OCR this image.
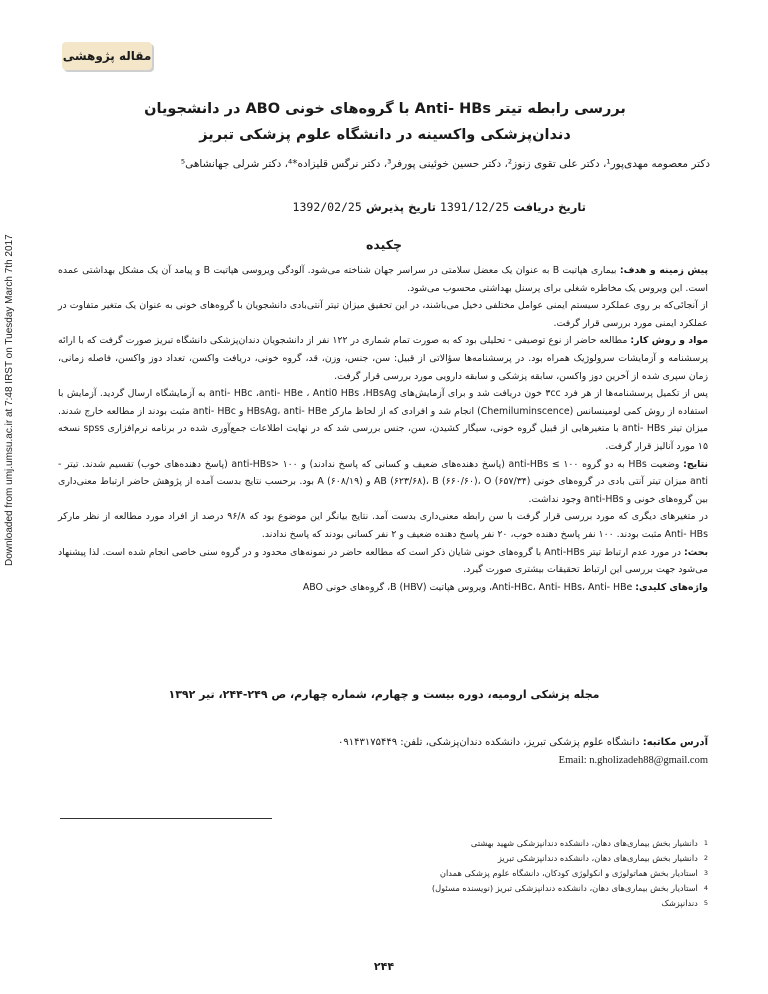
Downloaded from umj.umsu.ac.ir at 7:48 IRST on Tuesday March 7th 2017
مقاله پژوهشی
بررسی رابطه تیتر Anti- HBs با گروه‌های خونی ABO در دانشجویان
دندان‌پزشکی واکسینه در دانشگاه علوم پزشکی تبریز
دکتر معصومه مهدی‌پور¹، دکتر علی تقوی زنوز²، دکتر حسین خوئینی پورفر³، دکتر نرگس قلیزاده*⁴، دکتر شرلی جهانشاهی⁵
تاریخ دریافت 1391/12/25 تاریخ پذیرش 1392/02/25
چکیده

پیش زمینه و هدف: بیماری هپاتیت B به عنوان یک معضل سلامتی در سراسر جهان شناخته می‌شود. آلودگی ویروسی هپاتیت B و پیامد آن یک مشکل بهداشتی عمده است. این ویروس یک مخاطره شغلی برای پرسنل بهداشتی محسوب می‌شود.

از آنجائی‌که بر روی عملکرد سیستم ایمنی عوامل مختلفی دخیل می‌باشند، در این تحقیق میزان تیتر آنتی‌بادی دانشجویان با گروه‌های خونی به عنوان یک متغیر متفاوت در عملکرد ایمنی مورد بررسی قرار گرفت.

مواد و روش کار: مطالعه حاضر از نوع توصیفی - تحلیلی بود که به صورت تمام شماری در ۱۲۲ نفر از دانشجویان دندان‌پزشکی دانشگاه تبریز صورت گرفت که با ارائه پرسشنامه و آزمایشات سرولوژیک همراه بود. در پرسشنامه‌ها سؤالاتی از قبیل: سن، جنس، وزن، قد، گروه خونی، دریافت واکسن، تعداد دوز واکسن، فاصله زمانی، زمان سپری شده از آخرین دوز واکسن، سابقه پزشکی و سابقه دارویی مورد بررسی قرار گرفت.

پس از تکمیل پرسشنامه‌ها از هر فرد ۳cc خون دریافت شد و برای آزمایش‌های anti- HBc ،anti- HBe ، Anti0 HBs ،HBsAg به آزمایشگاه ارسال گردید. آزمایش با استفاده از روش کمی لومینسانس (Chemiluminscence) انجام شد و افرادی که از لحاظ مارکر HBsAg، anti- HBe و anti- HBc مثبت بودند از مطالعه خارج شدند. میزان تیتر anti- HBs با متغیرهایی از قبیل گروه خونی، سیگار کشیدن، سن، جنس بررسی شد که در نهایت اطلاعات جمع‌آوری شده در برنامه نرم‌افزاری spss نسخه ۱۵ مورد آنالیز قرار گرفت.

نتایج: وضعیت HBs به دو گروه anti-HBs ≤ ۱۰۰ (پاسخ دهنده‌های ضعیف و کسانی که پاسخ ندادند) و anti-HBs> ۱۰۰ (پاسخ دهنده‌های خوب) تقسیم شدند. تیتر -anti میزان تیتر آنتی بادی در گروه‌های خونی AB (۶۲۳/۶۸)، B (۶۶۰/۶۰)، O (۶۵۷/۳۴) و A (۶۰۸/۱۹) بود. برحسب نتایج بدست آمده از پژوهش حاضر ارتباط معنی‌داری بین گروه‌های خونی و anti-HBs وجود نداشت.

در متغیرهای دیگری که مورد بررسی قرار گرفت با سن رابطه معنی‌داری بدست آمد. نتایج بیانگر این موضوع بود که ۹۶/۸ درصد از افراد مورد مطالعه از نظر مارکر Anti- HBs مثبت بودند. ۱۰۰ نفر پاسخ دهنده خوب، ۲۰ نفر پاسخ دهنده ضعیف و ۲ نفر کسانی بودند که پاسخ ندادند.

بحث: در مورد عدم ارتباط تیتر Anti-HBs با گروه‌های خونی شایان ذکر است که مطالعه حاضر در نمونه‌های محدود و در گروه سنی خاصی انجام شده است. لذا پیشنهاد می‌شود جهت بررسی این ارتباط تحقیقات بیشتری صورت گیرد.

واژه‌های کلیدی: Anti-HBc، Anti- HBs، Anti- HBe، ویروس هپاتیت B (HBV)، گروه‌های خونی ABO

مجله پزشکی ارومیه، دوره بیست و چهارم، شماره چهارم، ص ۲۴۹-۲۴۴، تیر ۱۳۹۲
آدرس مکاتبه: دانشگاه علوم پزشکی تبریز، دانشکده دندان‌پزشکی، تلفن: ۰۹۱۴۳۱۷۵۴۴۹
Email: n.gholizadeh88@gmail.com
1
دانشیار بخش بیماری‌های دهان، دانشکده دندانپزشکی شهید بهشتی
2
دانشیار بخش بیماری‌های دهان، دانشکده دندانپزشکی تبریز
3
استادیار بخش هماتولوژی و انکولوژی کودکان، دانشگاه علوم پزشکی همدان
4
استادیار بخش بیماری‌های دهان، دانشکده دندانپزشکی تبریز (نویسنده مسئول)
5
دندانپزشک
۲۴۴
